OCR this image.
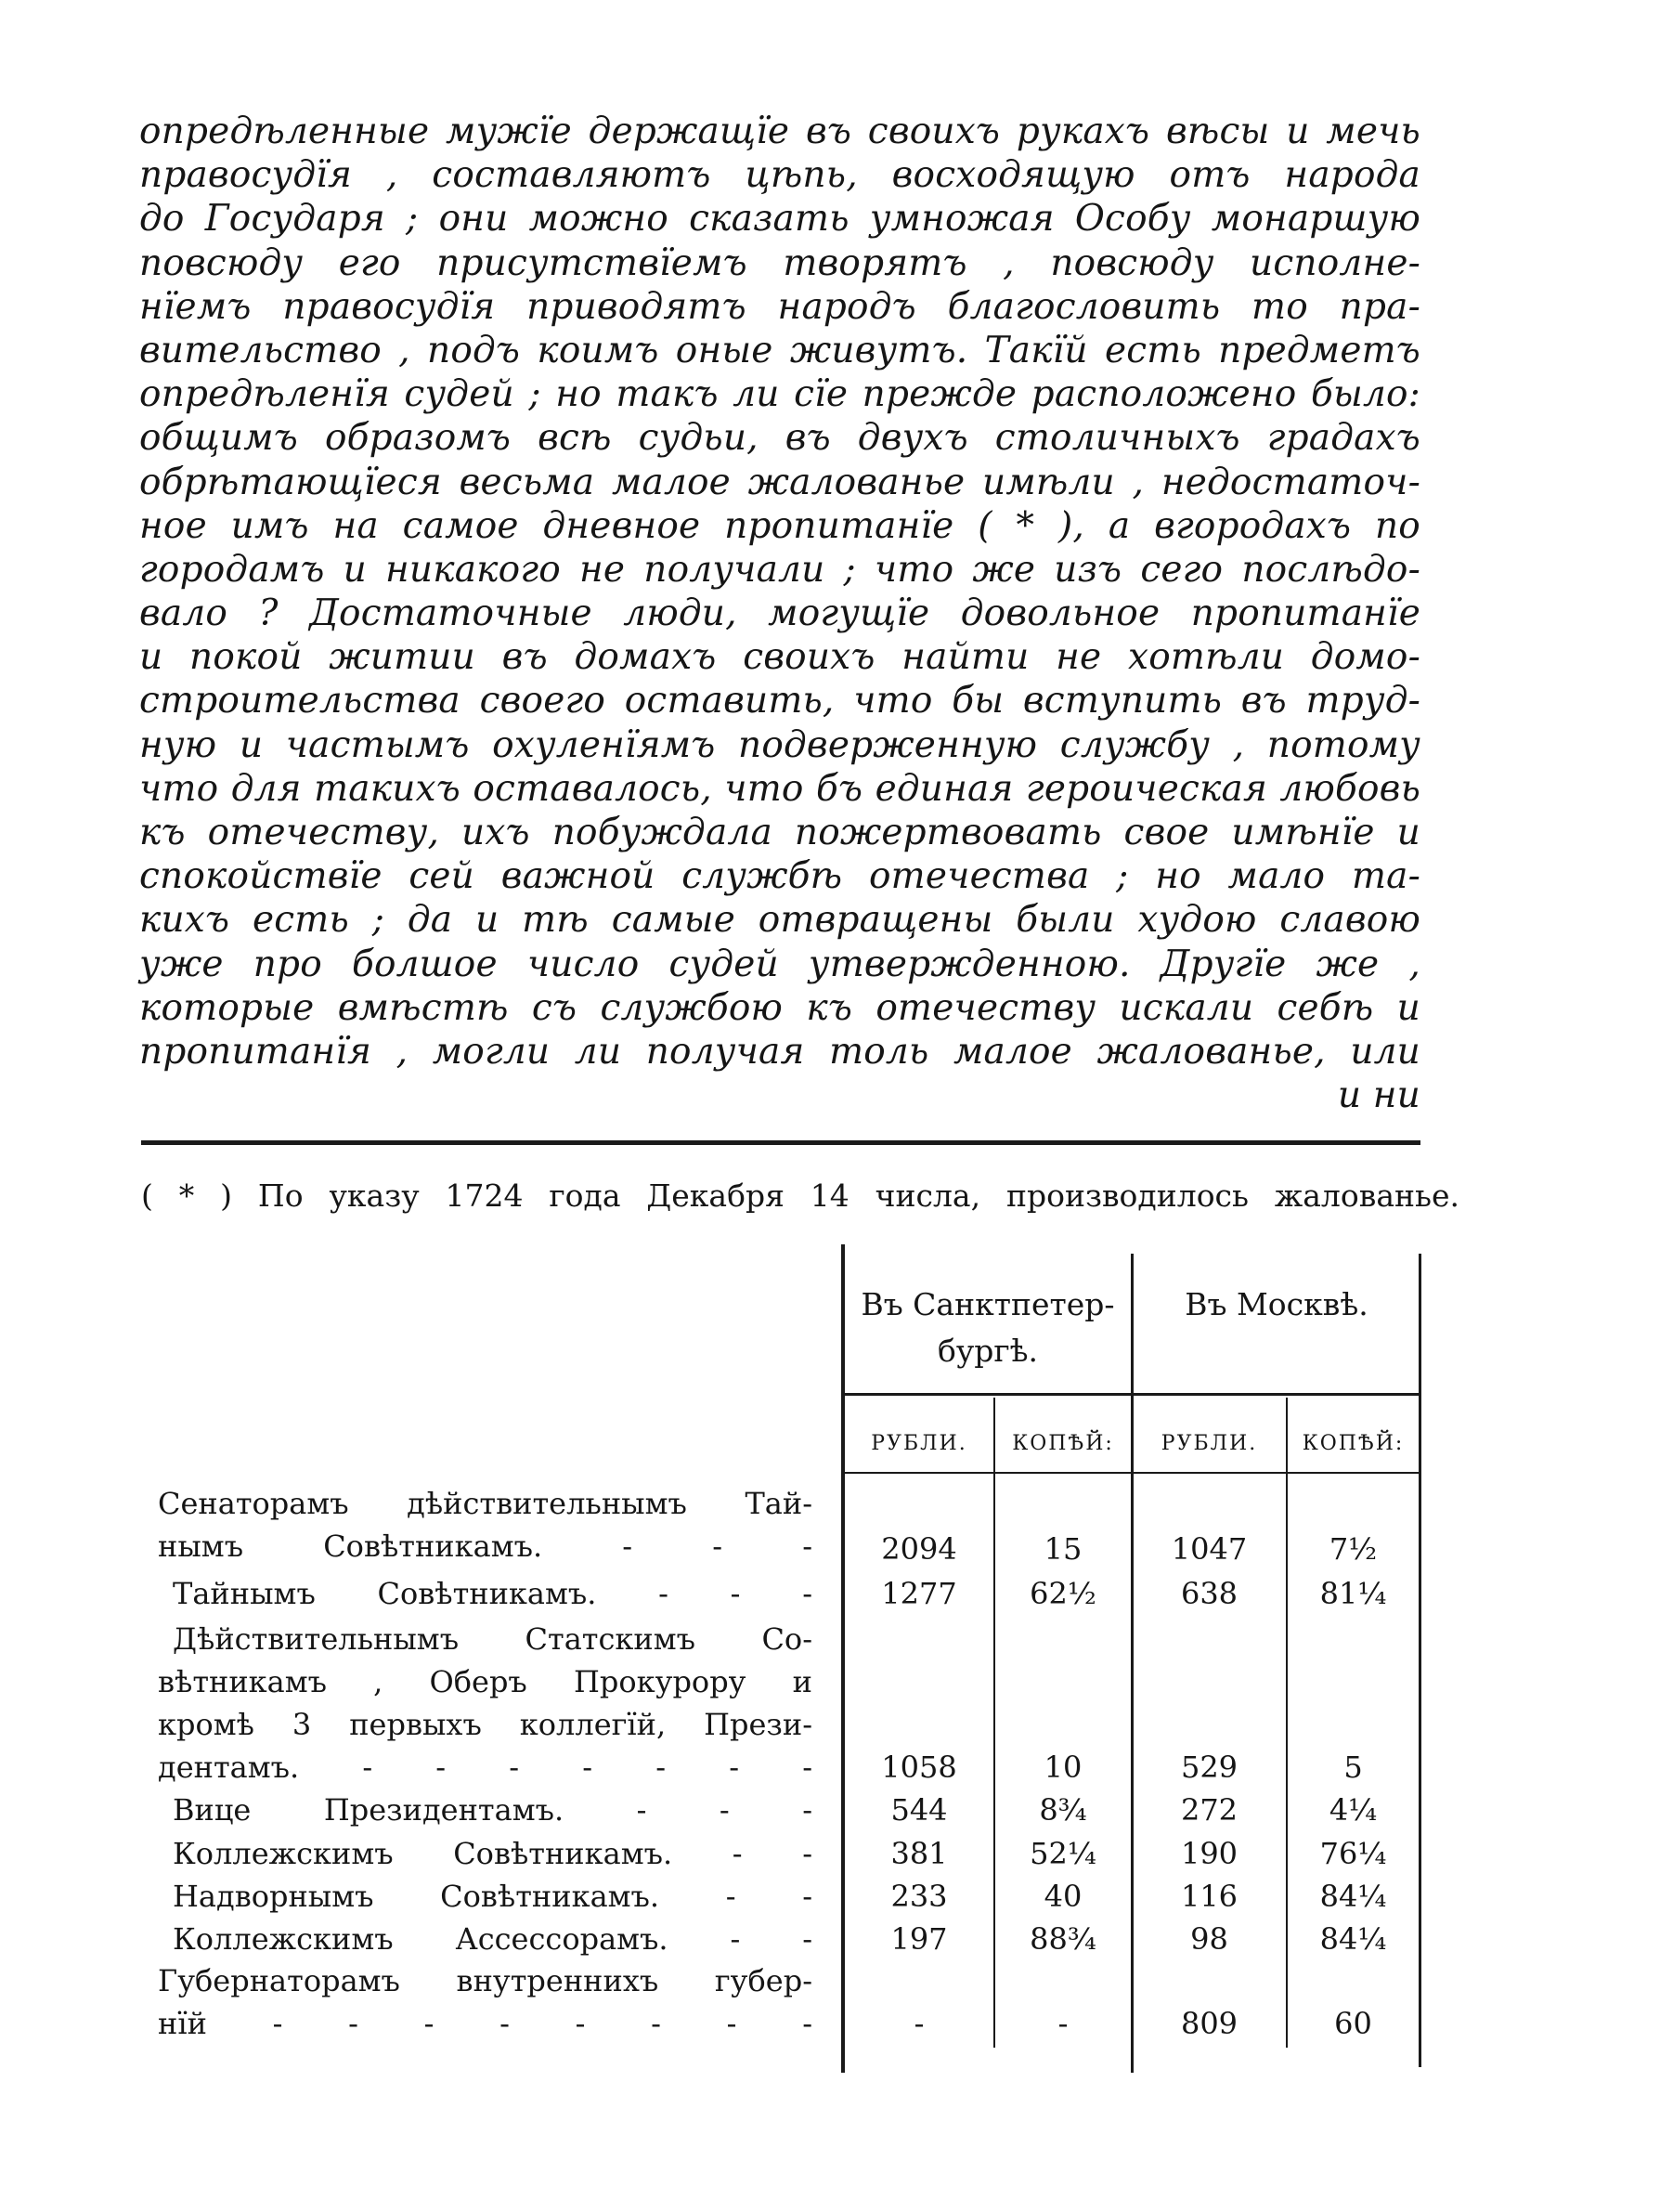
опредѣленные мужїе держащїе въ своихъ рукахъ вѣсы и мечь
правосудїя , составляютъ цѣпь, восходящую отъ народа
до Государя ; они можно сказать умножая Особу монаршую
повсюду его присутствїемъ творятъ , повсюду исполне-
нїемъ правосудїя приводятъ народъ благословить то пра-
вительство , подъ коимъ оные живутъ. Такїй есть предметъ
опредѣленїя судей ; но такъ ли сїе прежде расположено было:
общимъ образомъ всѣ судьи, въ двухъ столичныхъ градахъ
обрѣтающїеся весьма малое жалованье имѣли , недостаточ-
ное имъ на самое дневное пропитанїе ( * ), а вгородахъ по
городамъ и никакого не получали ; что же изъ сего послѣдо-
вало ? Достаточные люди, могущїе довольное пропитанїе
и покой житии въ домахъ своихъ найти не хотѣли домо-
строительства своего оставить, что бы вступить въ труд-
ную и частымъ охуленїямъ подверженную службу , потому
что для такихъ оставалось, что бъ единая героическая любовь
къ отечеству, ихъ побуждала пожертвовать свое имѣнїе и
спокойствїе сей важной службѣ отечества ; но мало та-
кихъ есть ; да и тѣ самые отвращены были худою славою
уже про болшое число судей утвержденною. Другїе же ,
которые вмѣстѣ съ службою къ отечеству искали себѣ и
пропитанїя , могли ли получая толь малое жалованье, или
и ни
( * ) По указу 1724 года Декабря 14 числа, производилось жалованье.
Въ Санктпетер-
бургѣ.
Въ Москвѣ.
РУБЛИ.	КОПѢЙ:	РУБЛИ.	КОПѢЙ:
Сенаторамъ дѣйствительнымъ Тай-
нымъ Совѣтникамъ. - - -	2094	15	1047	7½
Тайнымъ Совѣтникамъ. - - -	1277	62½	638	81¼
Дѣйствительнымъ Статскимъ Со-
вѣтникамъ , Оберъ Прокурору и
кромѣ 3 первыхъ коллегїй, Прези-
дентамъ. - - - - - - -	1058	10	529	5
Вице Президентамъ. - - -	544	8¾	272	4¼
Коллежскимъ Совѣтникамъ. - -	381	52¼	190	76¼
Надворнымъ Совѣтникамъ. - -	233	40	116	84¼
Коллежскимъ Ассессорамъ. - -	197	88¾	98	84¼
Губернаторамъ внутреннихъ губер-
нїй - - - - - - - -	-	-	809	60
